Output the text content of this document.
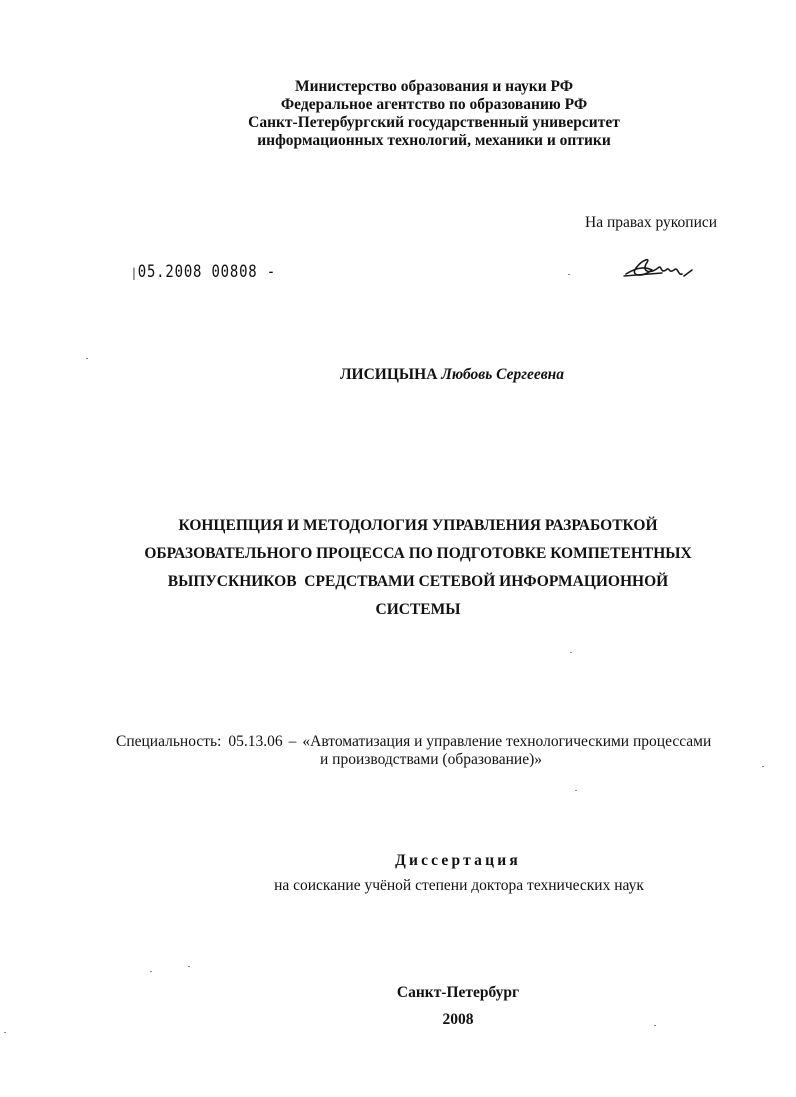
Министерство образования и науки РФ
Федеральное агентство по образованию РФ
Санкт-Петербургский государственный университет
информационных технологий, механики и оптики
На правах рукописи
|05.2008 00808 -
ЛИСИЦЫНА Любовь Сергеевна
КОНЦЕПЦИЯ И МЕТОДОЛОГИЯ УПРАВЛЕНИЯ РАЗРАБОТКОЙ
ОБРАЗОВАТЕЛЬНОГО ПРОЦЕССА ПО ПОДГОТОВКЕ КОМПЕТЕНТНЫХ
ВЫПУСКНИКОВ  СРЕДСТВАМИ СЕТЕВОЙ ИНФОРМАЦИОННОЙ
СИСТЕМЫ
Специальность: 05.13.06 – «Автоматизация и управление технологическими процессами
и производствами (образование)»
Диссертация
на соискание учёной степени доктора технических наук
Санкт-Петербург
2008
